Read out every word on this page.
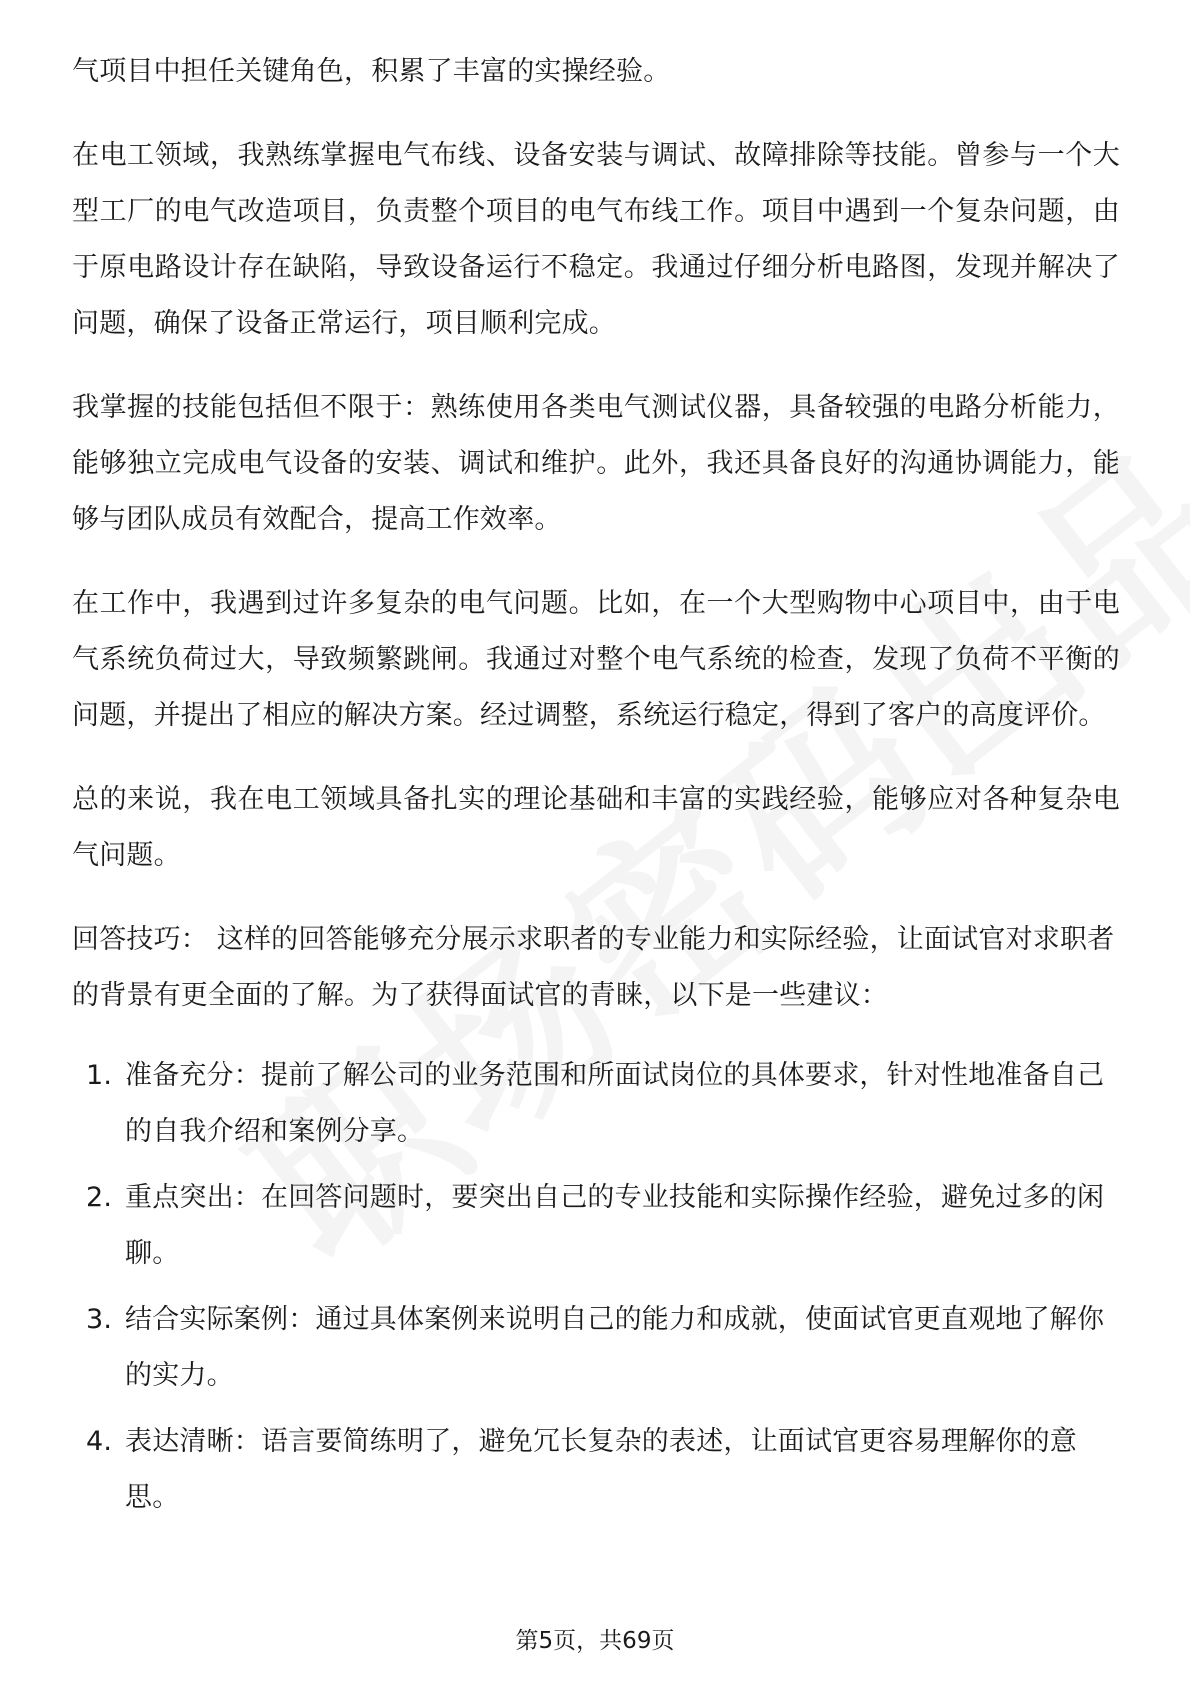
气项目中担任关键角色，积累了丰富的实操经验。

在电工领域，我熟练掌握电气布线、设备安装与调试、故障排除等技能。曾参与一个大型工厂的电气改造项目，负责整个项目的电气布线工作。项目中遇到一个复杂问题，由于原电路设计存在缺陷，导致设备运行不稳定。我通过仔细分析电路图，发现并解决了问题，确保了设备正常运行，项目顺利完成。

我掌握的技能包括但不限于：熟练使用各类电气测试仪器，具备较强的电路分析能力，能够独立完成电气设备的安装、调试和维护。此外，我还具备良好的沟通协调能力，能够与团队成员有效配合，提高工作效率。

在工作中，我遇到过许多复杂的电气问题。比如，在一个大型购物中心项目中，由于电气系统负荷过大，导致频繁跳闸。我通过对整个电气系统的检查，发现了负荷不平衡的问题，并提出了相应的解决方案。经过调整，系统运行稳定，得到了客户的高度评价。

总的来说，我在电工领域具备扎实的理论基础和丰富的实践经验，能够应对各种复杂电气问题。

回答技巧： 这样的回答能够充分展示求职者的专业能力和实际经验，让面试官对求职者的背景有更全面的了解。为了获得面试官的青睐，以下是一些建议：

1. 准备充分：提前了解公司的业务范围和所面试岗位的具体要求，针对性地准备自己的自我介绍和案例分享。
2. 重点突出：在回答问题时，要突出自己的专业技能和实际操作经验，避免过多的闲聊。
3. 结合实际案例：通过具体案例来说明自己的能力和成就，使面试官更直观地了解你的实力。
4. 表达清晰：语言要简练明了，避免冗长复杂的表述，让面试官更容易理解你的意思。
第5页，共69页
